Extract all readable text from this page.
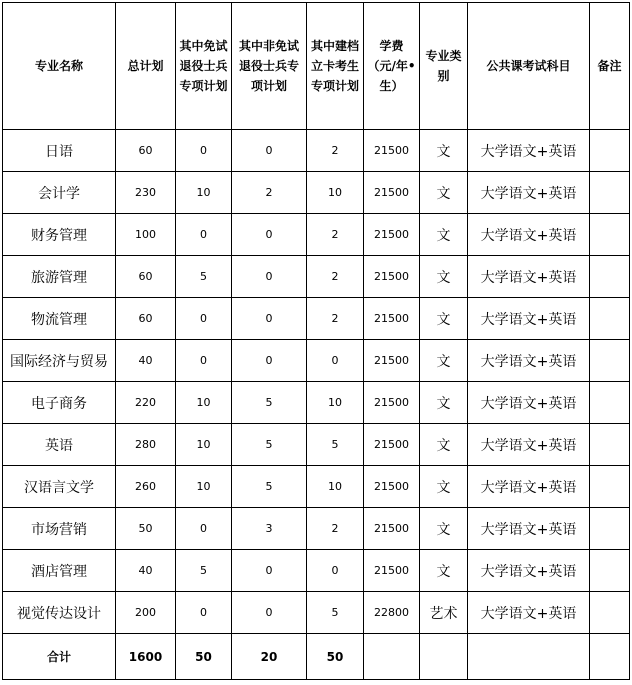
专业名称	总计划	其中免试退役士兵专项计划	其中非免试退役士兵专项计划	其中建档立卡考生专项计划	学费（元/年•生）	专业类别	公共课考试科目	备注
日语	60	0	0	2	21500	文	大学语文+英语	
会计学	230	10	2	10	21500	文	大学语文+英语	
财务管理	100	0	0	2	21500	文	大学语文+英语	
旅游管理	60	5	0	2	21500	文	大学语文+英语	
物流管理	60	0	0	2	21500	文	大学语文+英语	
国际经济与贸易	40	0	0	0	21500	文	大学语文+英语	
电子商务	220	10	5	10	21500	文	大学语文+英语	
英语	280	10	5	5	21500	文	大学语文+英语	
汉语言文学	260	10	5	10	21500	文	大学语文+英语	
市场营销	50	0	3	2	21500	文	大学语文+英语	
酒店管理	40	5	0	0	21500	文	大学语文+英语	
视觉传达设计	200	0	0	5	22800	艺术	大学语文+英语	
合计	1600	50	20	50				
